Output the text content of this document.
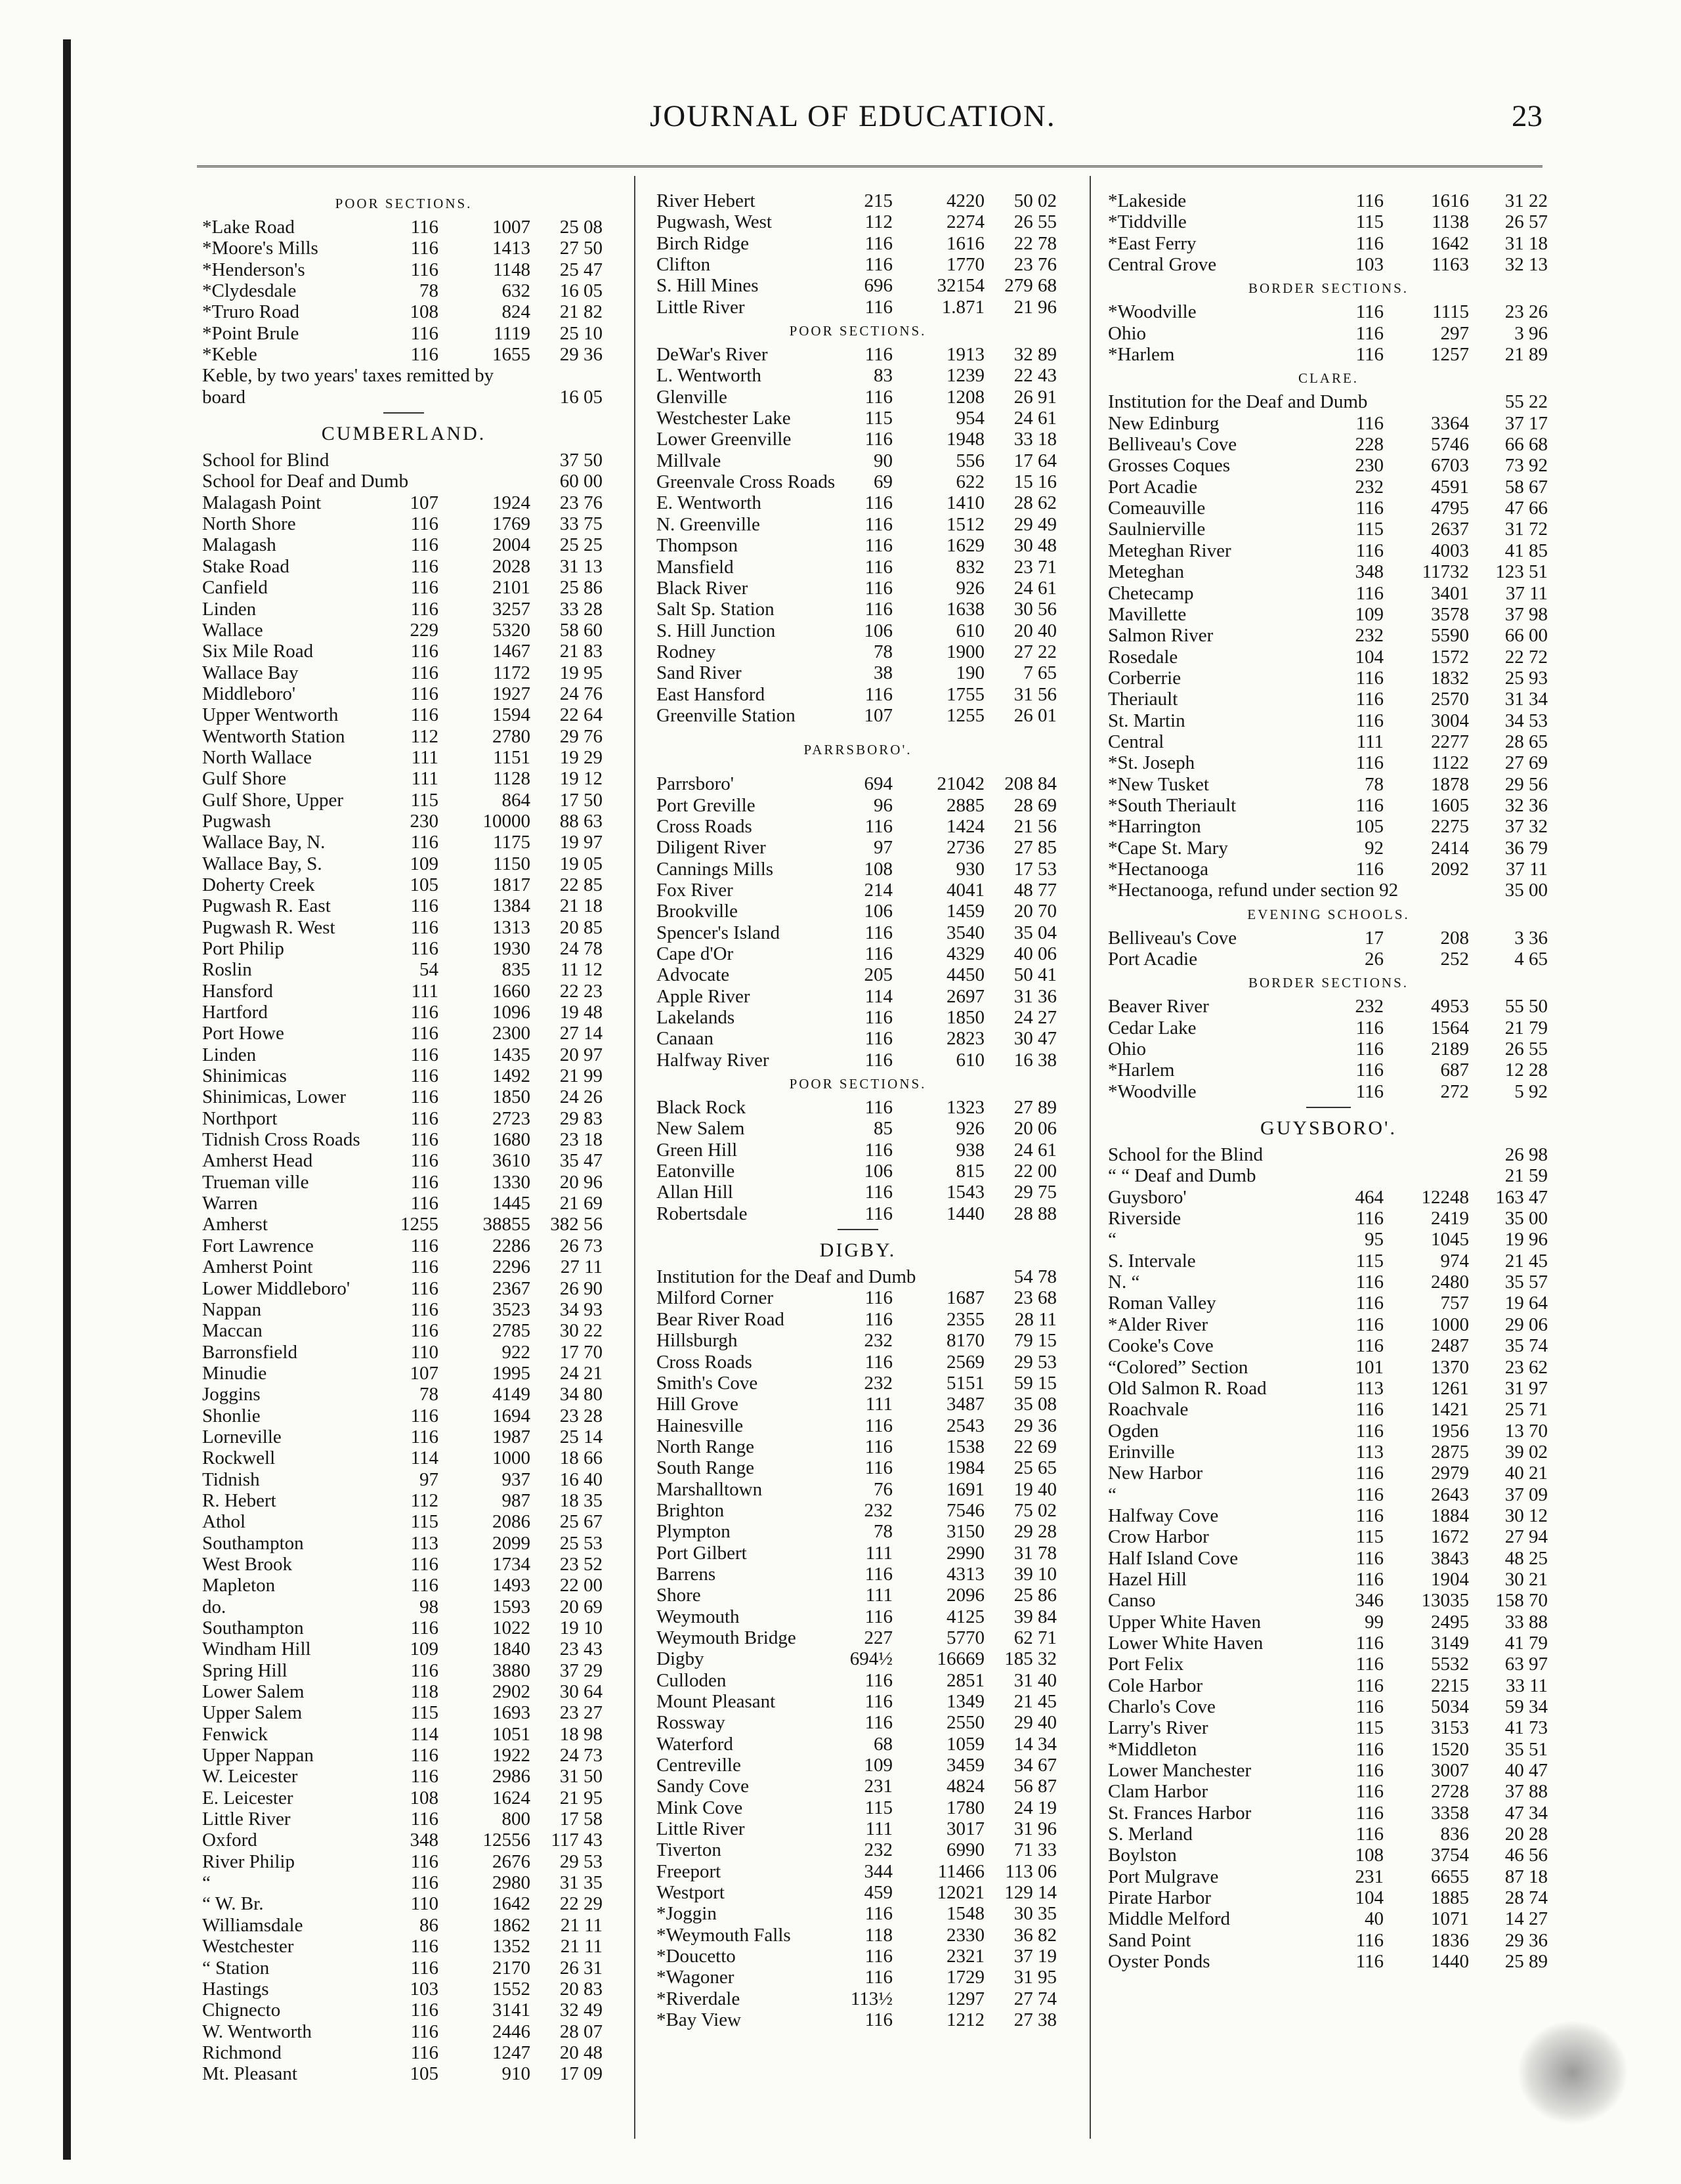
JOURNAL OF EDUCATION.	23
POOR SECTIONS.
*Lake Road	116	1007	25 08
*Moore's Mills	116	1413	27 50
*Henderson's	116	1148	25 47
*Clydesdale	78	632	16 05
*Truro Road	108	824	21 82
*Point Brule	116	1119	25 10
*Keble	116	1655	29 36
Keble, by two years' taxes remitted by
board	16 05
CUMBERLAND.
School for Blind	37 50
School for Deaf and Dumb	60 00
Malagash Point	107	1924	23 76
North Shore	116	1769	33 75
Malagash	116	2004	25 25
Stake Road	116	2028	31 13
Canfield	116	2101	25 86
Linden	116	3257	33 28
Wallace	229	5320	58 60
Six Mile Road	116	1467	21 83
Wallace Bay	116	1172	19 95
Middleboro'	116	1927	24 76
Upper Wentworth	116	1594	22 64
Wentworth Station	112	2780	29 76
North Wallace	111	1151	19 29
Gulf Shore	111	1128	19 12
Gulf Shore, Upper	115	864	17 50
Pugwash	230	10000	88 63
Wallace Bay, N.	116	1175	19 97
Wallace Bay, S.	109	1150	19 05
Doherty Creek	105	1817	22 85
Pugwash R. East	116	1384	21 18
Pugwash R. West	116	1313	20 85
Port Philip	116	1930	24 78
Roslin	54	835	11 12
Hansford	111	1660	22 23
Hartford	116	1096	19 48
Port Howe	116	2300	27 14
Linden	116	1435	20 97
Shinimicas	116	1492	21 99
Shinimicas, Lower	116	1850	24 26
Northport	116	2723	29 83
Tidnish Cross Roads	116	1680	23 18
Amherst Head	116	3610	35 47
Trueman ville	116	1330	20 96
Warren	116	1445	21 69
Amherst	1255	38855	382 56
Fort Lawrence	116	2286	26 73
Amherst Point	116	2296	27 11
Lower Middleboro'	116	2367	26 90
Nappan	116	3523	34 93
Maccan	116	2785	30 22
Barronsfield	110	922	17 70
Minudie	107	1995	24 21
Joggins	78	4149	34 80
Shonlie	116	1694	23 28
Lorneville	116	1987	25 14
Rockwell	114	1000	18 66
Tidnish	97	937	16 40
R. Hebert	112	987	18 35
Athol	115	2086	25 67
Southampton	113	2099	25 53
West Brook	116	1734	23 52
Mapleton	116	1493	22 00
do.	98	1593	20 69
Southampton	116	1022	19 10
Windham Hill	109	1840	23 43
Spring Hill	116	3880	37 29
Lower Salem	118	2902	30 64
Upper Salem	115	1693	23 27
Fenwick	114	1051	18 98
Upper Nappan	116	1922	24 73
W. Leicester	116	2986	31 50
E. Leicester	108	1624	21 95
Little River	116	800	17 58
Oxford	348	12556	117 43
River Philip	116	2676	29 53
“	116	2980	31 35
“ W. Br.	110	1642	22 29
Williamsdale	86	1862	21 11
Westchester	116	1352	21 11
“ Station	116	2170	26 31
Hastings	103	1552	20 83
Chignecto	116	3141	32 49
W. Wentworth	116	2446	28 07
Richmond	116	1247	20 48
Mt. Pleasant	105	910	17 09
River Hebert	215	4220	50 02
Pugwash, West	112	2274	26 55
Birch Ridge	116	1616	22 78
Clifton	116	1770	23 76
S. Hill Mines	696	32154	279 68
Little River	116	1.871	21 96
POOR SECTIONS.
DeWar's River	116	1913	32 89
L. Wentworth	83	1239	22 43
Glenville	116	1208	26 91
Westchester Lake	115	954	24 61
Lower Greenville	116	1948	33 18
Millvale	90	556	17 64
Greenvale Cross Roads	69	622	15 16
E. Wentworth	116	1410	28 62
N. Greenville	116	1512	29 49
Thompson	116	1629	30 48
Mansfield	116	832	23 71
Black River	116	926	24 61
Salt Sp. Station	116	1638	30 56
S. Hill Junction	106	610	20 40
Rodney	78	1900	27 22
Sand River	38	190	7 65
East Hansford	116	1755	31 56
Greenville Station	107	1255	26 01
PARRSBORO'.
Parrsboro'	694	21042	208 84
Port Greville	96	2885	28 69
Cross Roads	116	1424	21 56
Diligent River	97	2736	27 85
Cannings Mills	108	930	17 53
Fox River	214	4041	48 77
Brookville	106	1459	20 70
Spencer's Island	116	3540	35 04
Cape d'Or	116	4329	40 06
Advocate	205	4450	50 41
Apple River	114	2697	31 36
Lakelands	116	1850	24 27
Canaan	116	2823	30 47
Halfway River	116	610	16 38
POOR SECTIONS.
Black Rock	116	1323	27 89
New Salem	85	926	20 06
Green Hill	116	938	24 61
Eatonville	106	815	22 00
Allan Hill	116	1543	29 75
Robertsdale	116	1440	28 88
DIGBY.
Institution for the Deaf and Dumb	54 78
Milford Corner	116	1687	23 68
Bear River Road	116	2355	28 11
Hillsburgh	232	8170	79 15
Cross Roads	116	2569	29 53
Smith's Cove	232	5151	59 15
Hill Grove	111	3487	35 08
Hainesville	116	2543	29 36
North Range	116	1538	22 69
South Range	116	1984	25 65
Marshalltown	76	1691	19 40
Brighton	232	7546	75 02
Plympton	78	3150	29 28
Port Gilbert	111	2990	31 78
Barrens	116	4313	39 10
Shore	111	2096	25 86
Weymouth	116	4125	39 84
Weymouth Bridge	227	5770	62 71
Digby	694½	16669	185 32
Culloden	116	2851	31 40
Mount Pleasant	116	1349	21 45
Rossway	116	2550	29 40
Waterford	68	1059	14 34
Centreville	109	3459	34 67
Sandy Cove	231	4824	56 87
Mink Cove	115	1780	24 19
Little River	111	3017	31 96
Tiverton	232	6990	71 33
Freeport	344	11466	113 06
Westport	459	12021	129 14
*Joggin	116	1548	30 35
*Weymouth Falls	118	2330	36 82
*Doucetto	116	2321	37 19
*Wagoner	116	1729	31 95
*Riverdale	113½	1297	27 74
*Bay View	116	1212	27 38
*Lakeside	116	1616	31 22
*Tiddville	115	1138	26 57
*East Ferry	116	1642	31 18
Central Grove	103	1163	32 13
BORDER SECTIONS.
*Woodville	116	1115	23 26
Ohio	116	297	3 96
*Harlem	116	1257	21 89
CLARE.
Institution for the Deaf and Dumb	55 22
New Edinburg	116	3364	37 17
Belliveau's Cove	228	5746	66 68
Grosses Coques	230	6703	73 92
Port Acadie	232	4591	58 67
Comeauville	116	4795	47 66
Saulnierville	115	2637	31 72
Meteghan River	116	4003	41 85
Meteghan	348	11732	123 51
Chetecamp	116	3401	37 11
Mavillette	109	3578	37 98
Salmon River	232	5590	66 00
Rosedale	104	1572	22 72
Corberrie	116	1832	25 93
Theriault	116	2570	31 34
St. Martin	116	3004	34 53
Central	111	2277	28 65
*St. Joseph	116	1122	27 69
*New Tusket	78	1878	29 56
*South Theriault	116	1605	32 36
*Harrington	105	2275	37 32
*Cape St. Mary	92	2414	36 79
*Hectanooga	116	2092	37 11
*Hectanooga, refund under section 92	35 00
EVENING SCHOOLS.
Belliveau's Cove	17	208	3 36
Port Acadie	26	252	4 65
BORDER SECTIONS.
Beaver River	232	4953	55 50
Cedar Lake	116	1564	21 79
Ohio	116	2189	26 55
*Harlem	116	687	12 28
*Woodville	116	272	5 92
GUYSBORO'.
School for the Blind	26 98
“ “ Deaf and Dumb	21 59
Guysboro'	464	12248	163 47
Riverside	116	2419	35 00
“	95	1045	19 96
S. Intervale	115	974	21 45
N. “	116	2480	35 57
Roman Valley	116	757	19 64
*Alder River	116	1000	29 06
Cooke's Cove	116	2487	35 74
“Colored” Section	101	1370	23 62
Old Salmon R. Road	113	1261	31 97
Roachvale	116	1421	25 71
Ogden	116	1956	13 70
Erinville	113	2875	39 02
New Harbor	116	2979	40 21
“	116	2643	37 09
Halfway Cove	116	1884	30 12
Crow Harbor	115	1672	27 94
Half Island Cove	116	3843	48 25
Hazel Hill	116	1904	30 21
Canso	346	13035	158 70
Upper White Haven	99	2495	33 88
Lower White Haven	116	3149	41 79
Port Felix	116	5532	63 97
Cole Harbor	116	2215	33 11
Charlo's Cove	116	5034	59 34
Larry's River	115	3153	41 73
*Middleton	116	1520	35 51
Lower Manchester	116	3007	40 47
Clam Harbor	116	2728	37 88
St. Frances Harbor	116	3358	47 34
S. Merland	116	836	20 28
Boylston	108	3754	46 56
Port Mulgrave	231	6655	87 18
Pirate Harbor	104	1885	28 74
Middle Melford	40	1071	14 27
Sand Point	116	1836	29 36
Oyster Ponds	116	1440	25 89
